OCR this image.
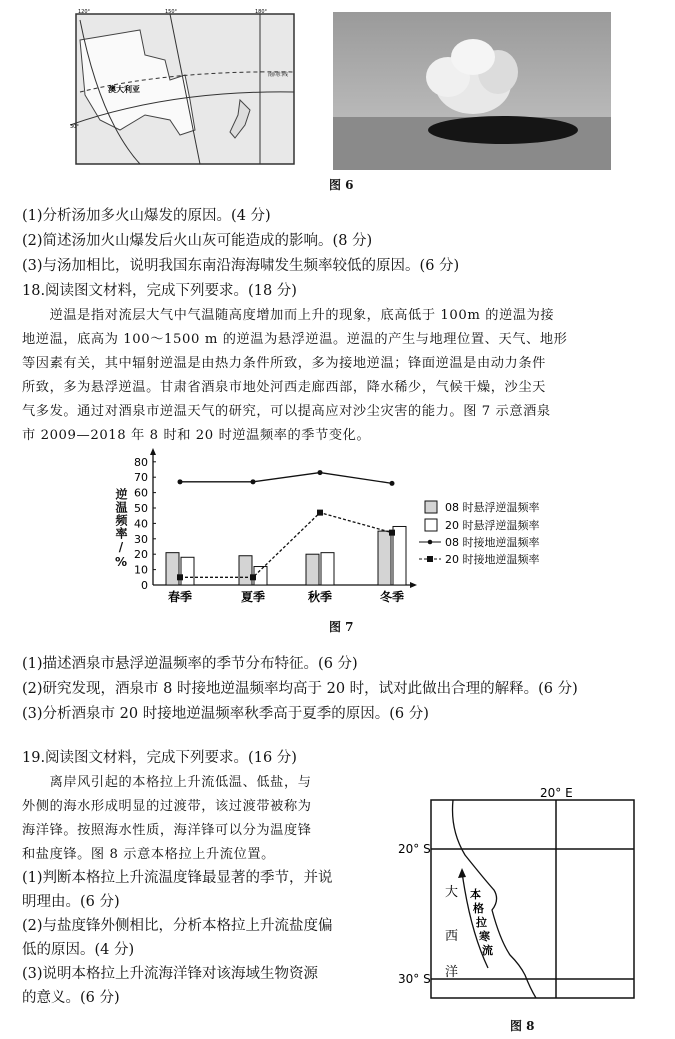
120°	150°	180°
30°
澳大利亚
南回归线
图 6
(1)分析汤加多火山爆发的原因。(4 分)
(2)简述汤加火山爆发后火山灰可能造成的影响。(8 分)
(3)与汤加相比，说明我国东南沿海海啸发生频率较低的原因。(6 分)
18.阅读图文材料，完成下列要求。(18 分)
　　逆温是指对流层大气中气温随高度增加而上升的现象，底高低于 100m 的逆温为接
地逆温，底高为 100～1500 m 的逆温为悬浮逆温。逆温的产生与地理位置、天气、地形
等因素有关，其中辐射逆温是由热力条件所致，多为接地逆温；锋面逆温是由动力条件
所致，多为悬浮逆温。甘肃省酒泉市地处河西走廊西部，降水稀少，气候干燥，沙尘天
气多发。通过对酒泉市逆温天气的研究，可以提高应对沙尘灾害的能力。图 7 示意酒泉
市 2009—2018 年 8 时和 20 时逆温频率的季节变化。
0
10
20
30
40
50
60
70
80
春季	夏季	秋季	冬季
08 时悬浮逆温频率
20 时悬浮逆温频率
08 时接地逆温频率
20 时接地逆温频率
逆温频率/%
图 7
(1)描述酒泉市悬浮逆温频率的季节分布特征。(6 分)
(2)研究发现，酒泉市 8 时接地逆温频率均高于 20 时，试对此做出合理的解释。(6 分)
(3)分析酒泉市 20 时接地逆温频率秋季高于夏季的原因。(6 分)
19.阅读图文材料，完成下列要求。(16 分)
　　离岸风引起的本格拉上升流低温、低盐，与
外侧的海水形成明显的过渡带，该过渡带被称为
海洋锋。按照海水性质，海洋锋可以分为温度锋
和盐度锋。图 8 示意本格拉上升流位置。
(1)判断本格拉上升流温度锋最显著的季节，并说
明理由。(6 分)
(2)与盐度锋外侧相比，分析本格拉上升流盐度偏
低的原因。(4 分)
(3)说明本格拉上升流海洋锋对该海域生物资源
的意义。(6 分)
20° E
20° S
30° S
大
西
洋
本
格
拉
寒
流
图 8
